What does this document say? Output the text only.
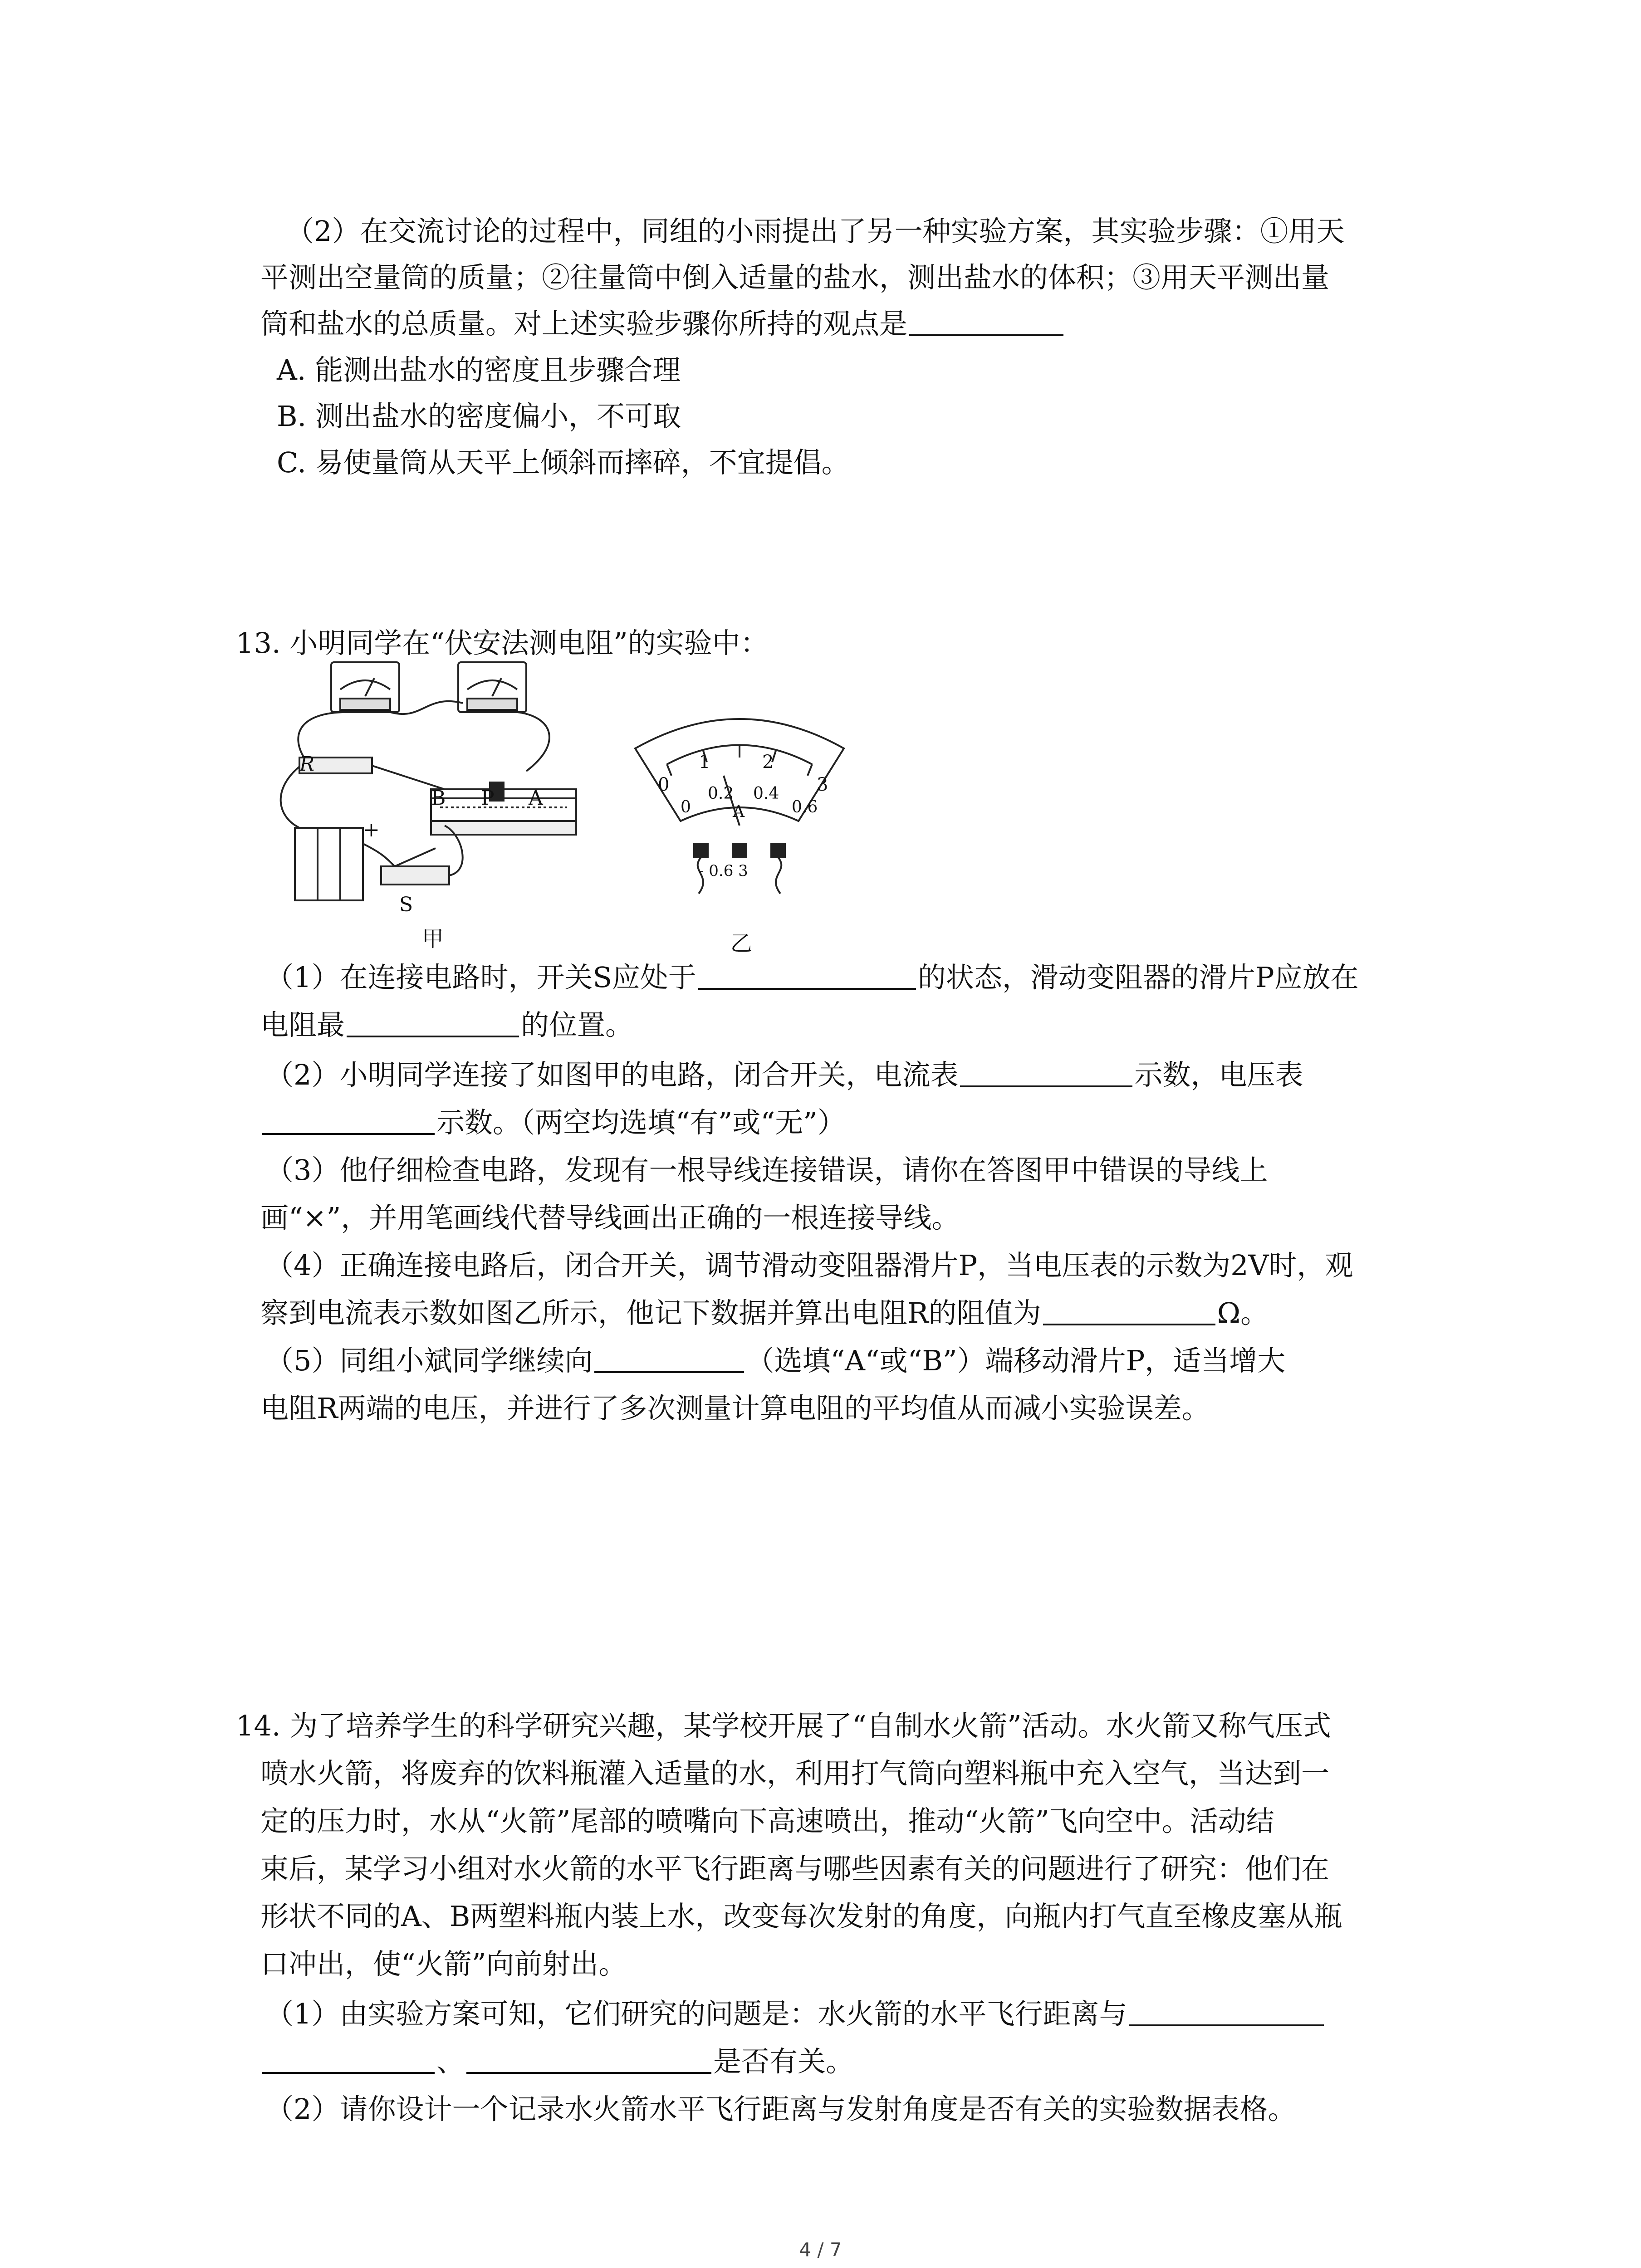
（2）在交流讨论的过程中，同组的小雨提出了另一种实验方案，其实验步骤：①用天
平测出空量筒的质量；②往量筒中倒入适量的盐水，测出盐水的体积；③用天平测出量
筒和盐水的总质量。对上述实验步骤你所持的观点是
A. 能测出盐水的密度且步骤合理
B. 测出盐水的密度偏小，不可取
C. 易使量筒从天平上倾斜而摔碎，不宜提倡。
13. 小明同学在“伏安法测电阻”的实验中：
R
B P A
+
S
甲
0
1	2
3
0
0.2 0.4
0.6
A
- 0.6 3
乙
（1）在连接电路时，开关S应处于	的状态，滑动变阻器的滑片P应放在
电阻最	的位置。
（2）小明同学连接了如图甲的电路，闭合开关，电流表	示数，电压表
示数。（两空均选填“有”或“无”）
（3）他仔细检查电路，发现有一根导线连接错误，请你在答图甲中错误的导线上
画“×”，并用笔画线代替导线画出正确的一根连接导线。
（4）正确连接电路后，闭合开关，调节滑动变阻器滑片P，当电压表的示数为2V时，观
察到电流表示数如图乙所示，他记下数据并算出电阻R的阻值为	Ω。
（5）同组小斌同学继续向	（选填“A“或“B”）端移动滑片P，适当增大
电阻R两端的电压，并进行了多次测量计算电阻的平均值从而减小实验误差。
14. 为了培养学生的科学研究兴趣，某学校开展了“自制水火箭”活动。水火箭又称气压式
喷水火箭，将废弃的饮料瓶灌入适量的水，利用打气筒向塑料瓶中充入空气，当达到一
定的压力时，水从“火箭”尾部的喷嘴向下高速喷出，推动“火箭”飞向空中。活动结
束后，某学习小组对水火箭的水平飞行距离与哪些因素有关的问题进行了研究：他们在
形状不同的A、B两塑料瓶内装上水，改变每次发射的角度，向瓶内打气直至橡皮塞从瓶
口冲出，使“火箭”向前射出。
（1）由实验方案可知，它们研究的问题是：水火箭的水平飞行距离与
、	是否有关。
（2）请你设计一个记录水火箭水平飞行距离与发射角度是否有关的实验数据表格。
4 / 7
